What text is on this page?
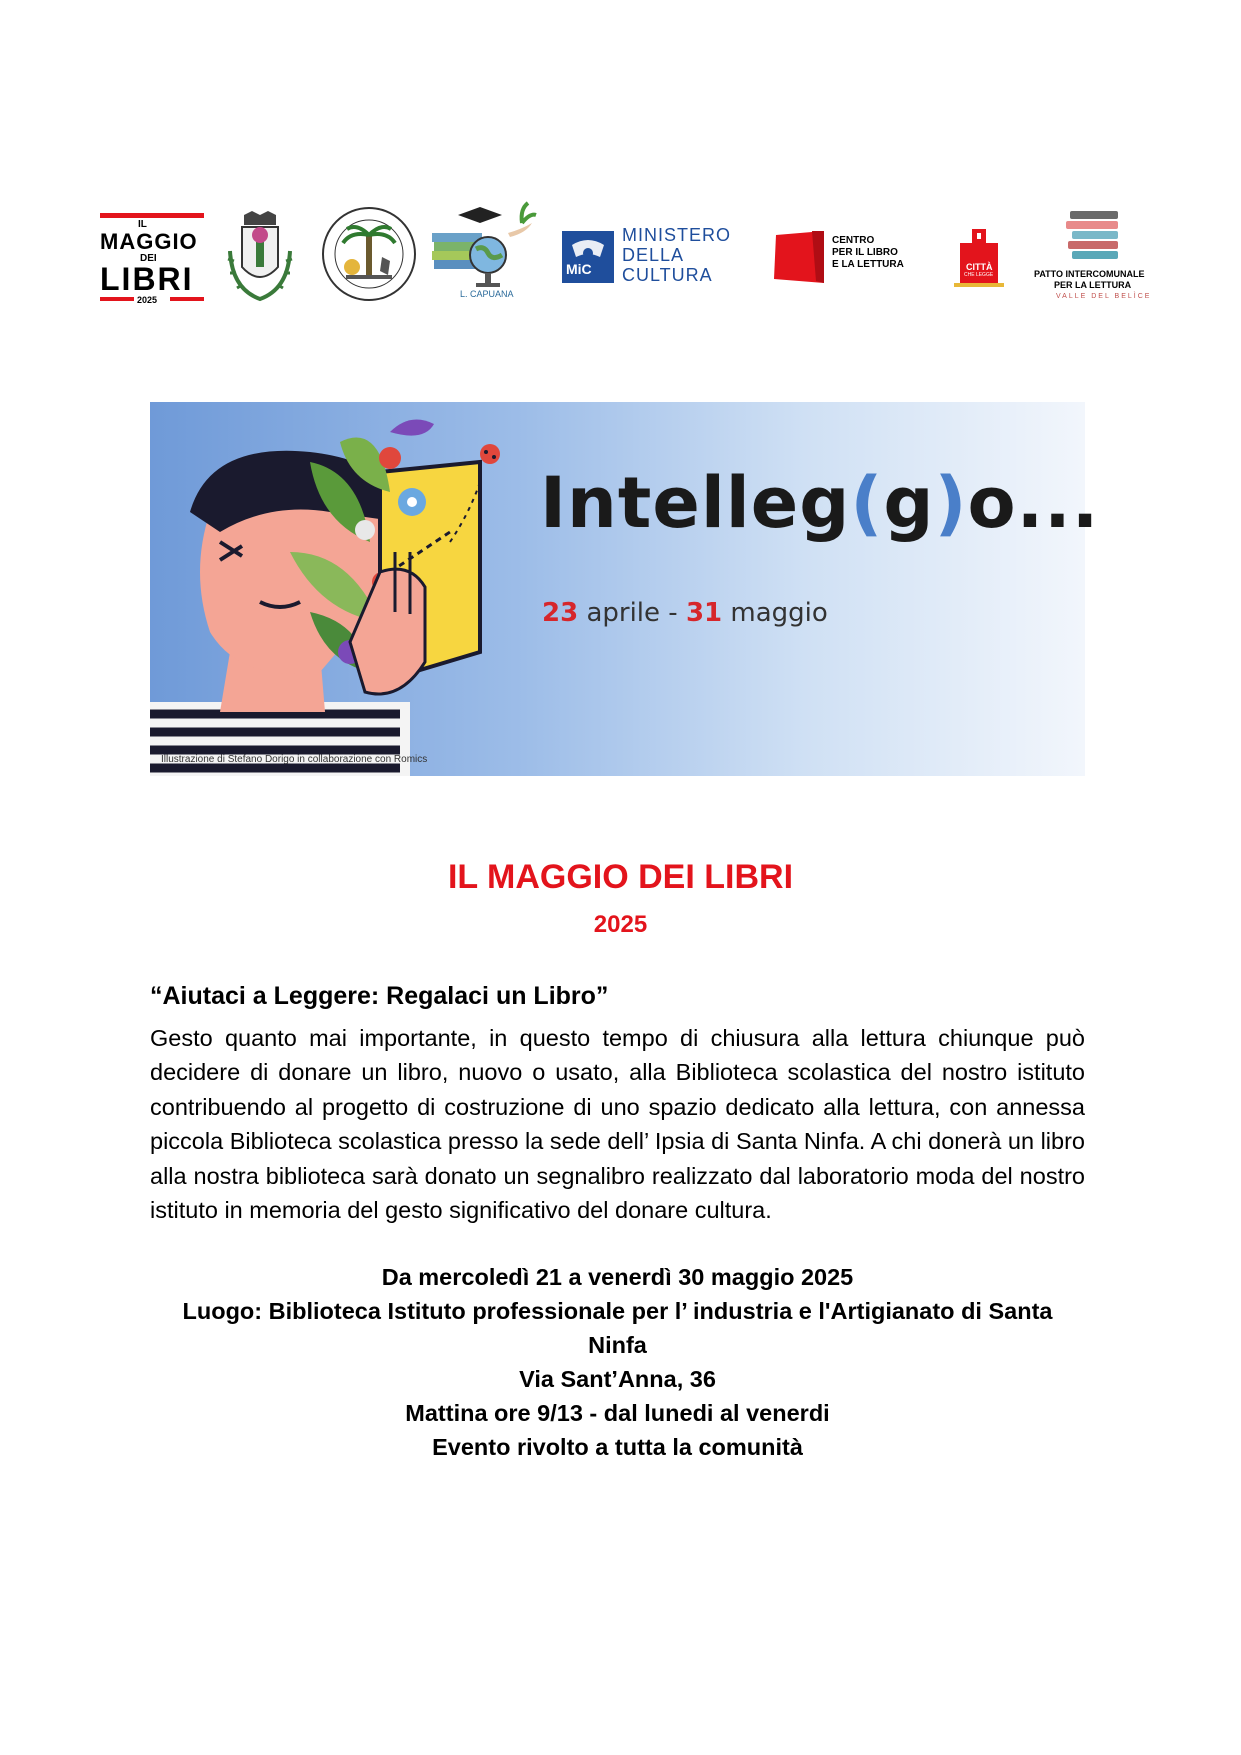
IL
MAGGIO
DEI
LIBRI
2025
L. CAPUANA
MiC
MINISTERO
DELLA
CULTURA
CENTRO
PER IL LIBRO
E LA LETTURA	CITTÀ
CHE LEGGE	PATTO INTERCOMUNALE
PER LA LETTURA
VALLE DEL BELÌCE
Intelleg(g)o...
23 aprile - 31 maggio
Illustrazione di Stefano Dorigo in collaborazione con Romics
IL MAGGIO DEI LIBRI
2025
“Aiutaci a Leggere: Regalaci un Libro”
Gesto quanto mai importante, in questo tempo di chiusura alla lettura chiunque può decidere di donare un libro, nuovo o usato, alla Biblioteca scolastica del nostro istituto contribuendo al progetto di costruzione di uno spazio dedicato alla lettura, con annessa piccola Biblioteca scolastica presso la sede dell’ Ipsia di Santa Ninfa. A chi donerà un libro alla nostra biblioteca sarà donato un segnalibro realizzato dal laboratorio moda del nostro istituto in memoria del gesto significativo del donare cultura.
Da mercoledì 21 a venerdì 30 maggio 2025
Luogo: Biblioteca Istituto professionale per l’ industria e l'Artigianato di Santa Ninfa
Via Sant’Anna, 36
Mattina ore 9/13 - dal lunedi al venerdi
Evento rivolto a tutta la comunità
